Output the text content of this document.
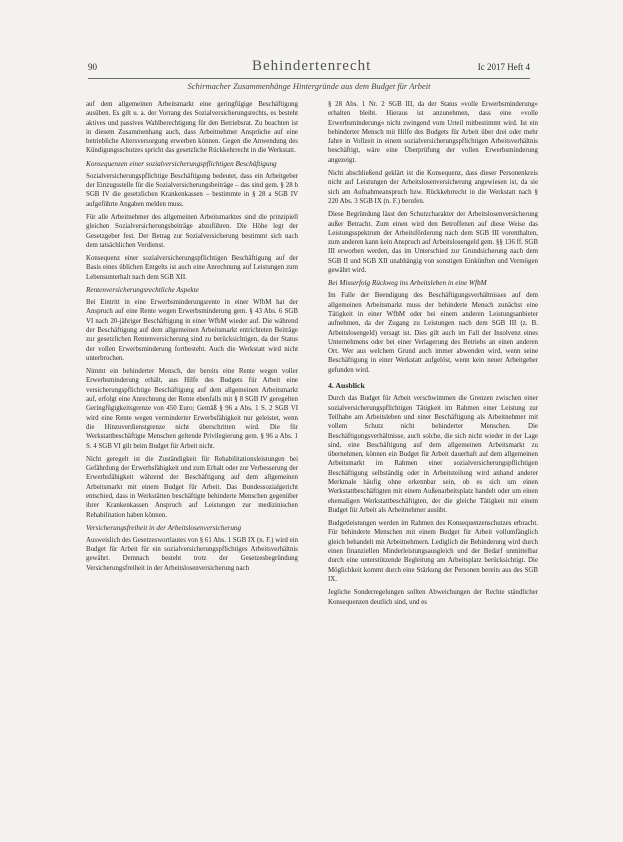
90	Behindertenrecht	Ic 2017 Heft 4
Schirmacher Zusammenhänge Hintergründe aus dem Budget für Arbeit

auf dem allgemeinen Arbeitsmarkt eine geringfügige Beschäftigung ausüben. Es gilt u. a. der Vorrang des Sozialversicherungsrechts, es besteht aktives und passives Wahlberechtigung für den Betriebsrat. Zu beachten ist in diesem Zusammenhang auch, dass Arbeitnehmer Ansprüche auf eine betriebliche Altersversorgung erwerben können. Gegen die Anwendung des Kündigungsschutzes spricht das gesetzliche Rückkehrrecht in die Werkstatt.

Konsequenzen einer sozialversicherungspflichtigen Beschäftigung

Sozialversicherungspflichtige Beschäftigung bedeutet, dass ein Arbeitgeber der Einzugsstelle für die Sozialversicherungsbeiträge – das sind gem. § 28 h SGB IV die gesetzlichen Krankenkassen – bestimmte in § 28 a SGB IV aufgeführte Angaben melden muss.

Für alle Arbeitnehmer des allgemeinen Arbeitsmarktes sind die prinzipiell gleichen Sozialversicherungsbeiträge abzuführen. Die Höhe legt der Gesetzgeber fest. Der Betrag zur Sozialversicherung bestimmt sich nach dem tatsächlichen Verdienst.

Konsequenz einer sozialversicherungspflichtigen Beschäftigung auf der Basis eines üblichen Entgelts ist auch eine Anrechnung auf Leistungen zum Lebensunterhalt nach dem SGB XII.

Rentenversicherungsrechtliche Aspekte

Bei Eintritt in eine Erwerbsminderungsrente in einer WfbM hat der Anspruch auf eine Rente wegen Erwerbsminderung gem. § 43 Abs. 6 SGB VI nach 20-jähriger Beschäftigung in einer WfbM wieder auf. Die während der Beschäftigung auf dem allgemeinen Arbeitsmarkt entrichteten Beiträge zur gesetzlichen Rentenversicherung sind zu berücksichtigen, da der Status der vollen Erwerbsminderung fortbesteht. Auch die Werkstatt wird nicht unterbrochen.

Nimmt ein behinderter Mensch, der bereits eine Rente wegen voller Erwerbsminderung erhält, aus Hilfe des Budgets für Arbeit eine versicherungspflichtige Beschäftigung auf dem allgemeinen Arbeitsmarkt auf, erfolgt eine Anrechnung der Rente ebenfalls mit § 8 SGB IV geregelten Geringfügigkeitsgrenze von 450 Euro; Gemäß § 96 a Abs. 1 S. 2 SGB VI wird eine Rente wegen verminderter Erwerbsfähigkeit nur geleistet, wenn die Hinzuverdienstgrenze nicht überschritten wird. Die für Werkstattbeschäftigte Menschen geltende Privilegierung gem. § 96 a Abs. 1 S. 4 SGB VI gilt beim Budget für Arbeit nicht.

Nicht geregelt ist die Zuständigkeit für Rehabilitationsleistungen bei Gefährdung der Erwerbsfähigkeit und zum Erhalt oder zur Verbesserung der Erwerbsfähigkeit während der Beschäftigung auf dem allgemeinen Arbeitsmarkt mit einem Budget für Arbeit. Das Bundessozialgericht entschied, dass in Werkstätten beschäftigte behinderte Menschen gegenüber ihrer Krankenkassen Anspruch auf Leistungen zur medizinischen Rehabilitation haben können.

Versicherungsfreiheit in der Arbeitslosenversicherung

Ausweislich des Gesetzeswortlautes von § 61 Abs. 1 SGB IX (n. F.) wird ein Budget für Arbeit für ein sozialversicherungspflichtiges Arbeitsverhältnis gewährt. Demnach besteht trotz der Gesetzesbegründung Versicherungsfreiheit in der Arbeitslosenversicherung nach

§ 28 Abs. 1 Nr. 2 SGB III, da der Status »volle Erwerbsminderung« erhalten bleibt. Hieraus ist anzunehmen, dass eine »volle Erwerbsminderung« nicht zwingend vom Urteil mitbestimmt wird. Ist ein behinderter Mensch mit Hilfe des Budgets für Arbeit über drei oder mehr Jahre in Vollzeit in einem sozialversicherungspflichtigen Arbeitsverhältnis beschäftigt, wäre eine Überprüfung der vollen Erwerbsminderung angezeigt.

Nicht abschließend geklärt ist die Konsequenz, dass dieser Personenkreis nicht auf Leistungen der Arbeitslosenversicherung angewiesen ist, da sie sich am Aufnahmeanspruch bzw. Rückkehrrecht in die Werkstatt nach § 220 Abs. 3 SGB IX (n. F.) berufen.

Diese Begründung lässt den Schutzcharakter der Arbeitslosenversicherung außer Betracht. Zum einen wird den Betroffenen auf diese Weise das Leistungsspektrum der Arbeitsförderung nach dem SGB III vorenthalten, zum anderen kann kein Anspruch auf Arbeitslosengeld gem. §§ 136 ff. SGB III erworben werden, das im Unterschied zur Grundsicherung nach dem SGB II und SGB XII unabhängig von sonstigen Einkünften und Vermögen gewährt wird.

Bei Misserfolg Rückweg ins Arbeitsleben in eine WfbM

Im Falle der Beendigung des Beschäftigungsverhältnisses auf dem allgemeinen Arbeitsmarkt muss der behinderte Mensch zunächst eine Tätigkeit in einer WfbM oder bei einem anderen Leistungsanbieter aufnehmen, da der Zugang zu Leistungen nach dem SGB III (z. B. Arbeitslosengeld) versagt ist. Dies gilt auch im Fall der Insolvenz eines Unternehmens oder bei einer Verlagerung des Betriebs an einen anderen Ort. Wer aus welchem Grund auch immer abwenden wird, wenn seine Beschäftigung in einer Werkstatt aufgelöst, wenn kein neuer Arbeitgeber gefunden wird.

4. Ausblick

Durch das Budget für Arbeit verschwimmen die Grenzen zwischen einer sozialversicherungspflichtigen Tätigkeit im Rahmen einer Leistung zur Teilhabe am Arbeitsleben und einer Beschäftigung als Arbeitnehmer mit vollem Schutz nicht behinderter Menschen. Die Beschäftigungsverhältnisse, auch solche, die sich nicht wieder in der Lage sind, eine Beschäftigung auf dem allgemeinen Arbeitsmarkt zu übernehmen, können ein Budget für Arbeit dauerhaft auf dem allgemeinen Arbeitsmarkt im Rahmen einer sozialversicherungspflichtigen Beschäftigung selbständig oder in Arbeitsteilung wird anhand anderer Merkmale häufig ohne erkennbar sein, ob es sich um einen Werkstattbeschäftigten mit einem Außenarbeitsplatz handelt oder um einen ehemaligen Werkstattbeschäftigten, der die gleiche Tätigkeit mit einem Budget für Arbeit als Arbeitnehmer ausübt.

Budgetleistungen werden im Rahmen des Konsequenzenschutzes erbracht. Für behinderte Menschen mit einem Budget für Arbeit vollumfänglich gleich behandelt mit Arbeitnehmern. Lediglich die Behinderung wird durch einen finanziellen Minderleistungsausgleich und der Bedarf unmittelbar durch eine unterstützende Begleitung am Arbeitsplatz berücksichtigt. Die Möglichkeit kommt durch eine Stärkung der Personen bereits aus des SGB IX.

Jegliche Sonderregelungen sollten Abweichungen der Rechte ständlicher Konsequenzen deutlich sind, und es
